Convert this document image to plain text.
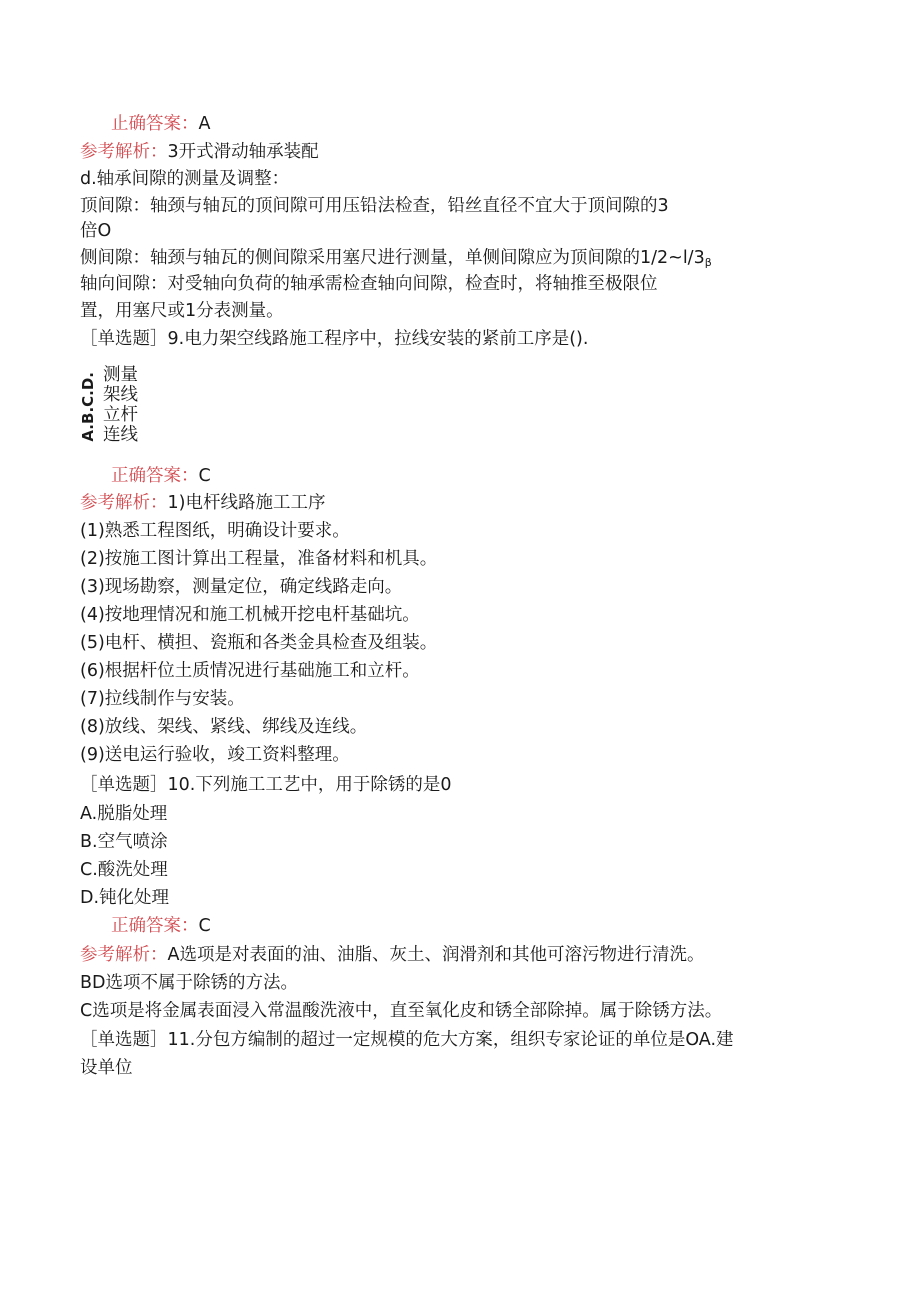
止确答案：A
参考解析：3开式滑动轴承装配
d.轴承间隙的测量及调整：
顶间隙：轴颈与轴瓦的顶间隙可用压铅法检查，铅丝直径不宜大于顶间隙的3
倍O
侧间隙：轴颈与轴瓦的侧间隙采用塞尺进行测量，单侧间隙应为顶间隙的$1/2\sim l/3_\beta$
轴向间隙：对受轴向负荷的轴承需检查轴向间隙，检查时，将轴推至极限位
置，用塞尺或1分表测量。
［单选题］9.电力架空线路施工程序中，拉线安装的紧前工序是().
A.B.C.D. 测量
架线
立杆
连线
正确答案：C
参考解析：1)电杆线路施工工序
(1)熟悉工程图纸，明确设计要求。
(2)按施工图计算出工程量，准备材料和机具。
(3)现场勘察，测量定位，确定线路走向。
(4)按地理情况和施工机械开挖电杆基础坑。
(5)电杆、横担、瓷瓶和各类金具检查及组装。
(6)根据杆位土质情况进行基础施工和立杆。
(7)拉线制作与安装。
(8)放线、架线、紧线、绑线及连线。
(9)送电运行验收，竣工资料整理。
［单选题］10.下列施工工艺中，用于除锈的是0
A.脱脂处理
B.空气喷涂
C.酸洗处理
D.钝化处理
正确答案：C
参考解析：A选项是对表面的油、油脂、灰土、润滑剂和其他可溶污物进行清洗。
BD选项不属于除锈的方法。
C选项是将金属表面浸入常温酸洗液中，直至氧化皮和锈全部除掉。属于除锈方法。
［单选题］11.分包方编制的超过一定规模的危大方案，组织专家论证的单位是OA.建
设单位
